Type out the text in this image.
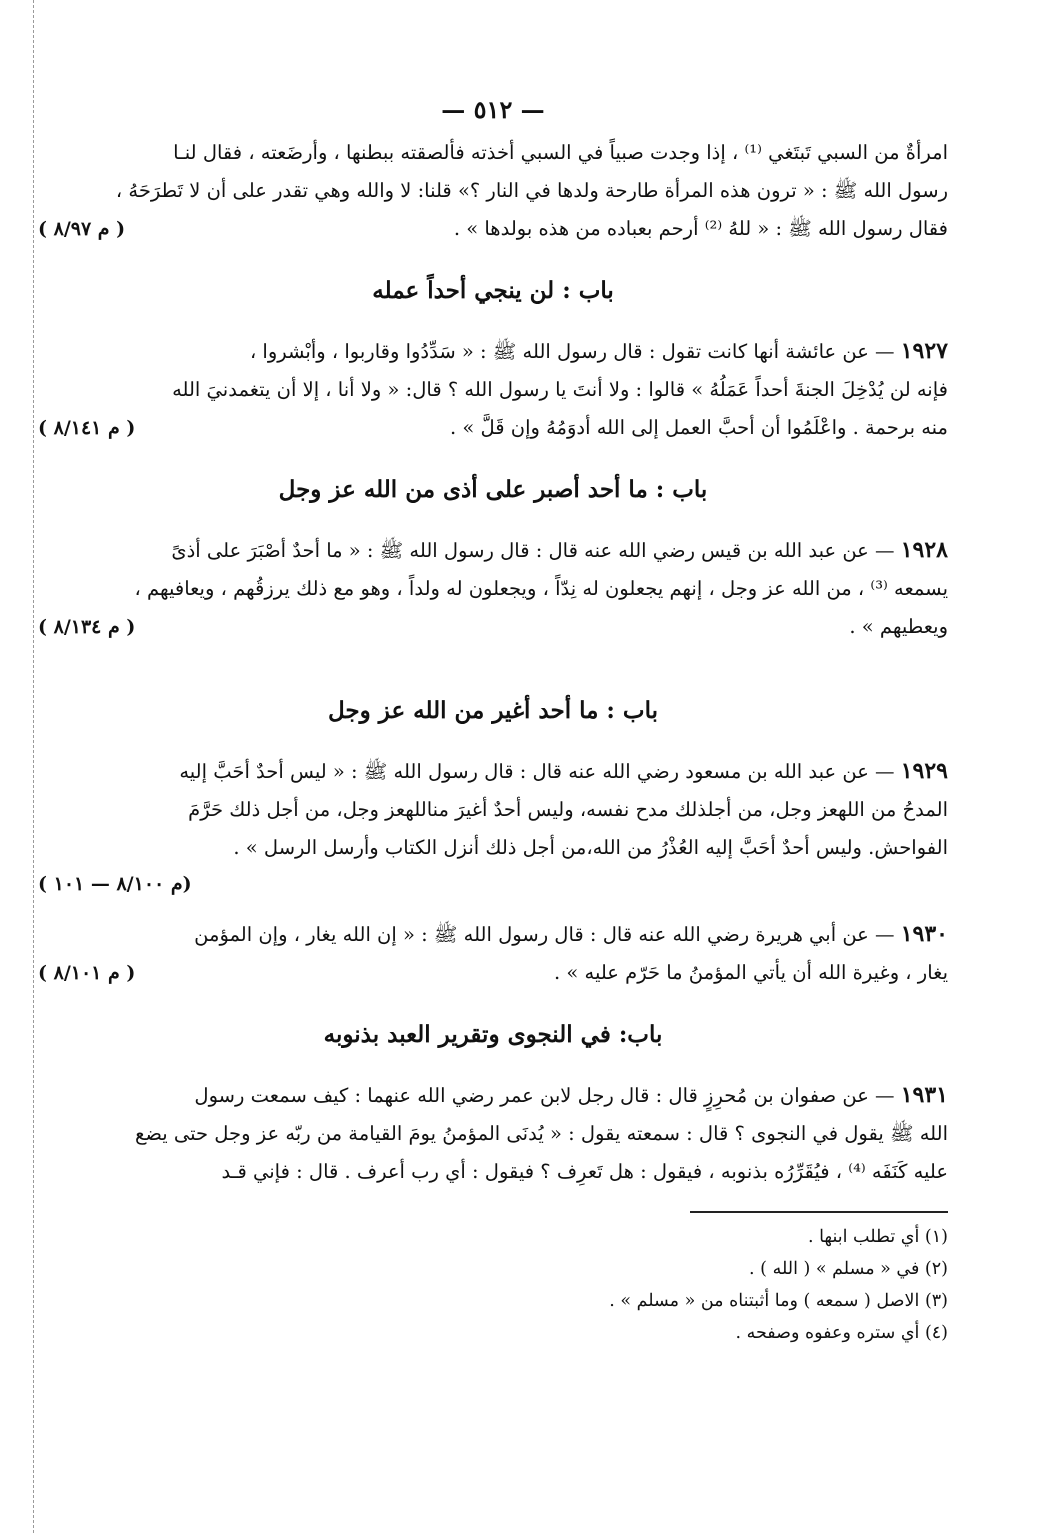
— ٥١٢ —

امرأةٌ من السبي تَبتَغي ⁽¹⁾ ، إذا وجدت صبياً في السبي أخذته فألصقته ببطنها ، وأرضَعته ، فقال لنـا

رسول الله ﷺ : « ترون هذه المرأة طارحة ولدها في النار ؟» قلنا: لا والله وهي تقدر على أن لا تَطرَحَهُ ،

فقال رسول الله ﷺ : « للهُ ⁽²⁾ أرحم بعباده من هذه بولدها » .
( م ٨/٩٧ )
باب : لن ينجي أحداً عمله

١٩٢٧ — عن عائشة أنها كانت تقول : قال رسول الله ﷺ : « سَدِّدُوا وقاربوا ، وأبْشروا ،

فإنه لن يُدْخِلَ الجنةَ أحداً عَمَلُهُ » قالوا : ولا أنتَ يا رسول الله ؟ قال: « ولا أنا ، إلا أن يتغمدنيَ الله

منه برحمة . واعْلَمُوا أن أحبَّ العمل إلى الله أدوَمُهُ وإن قَلَّ » .
( م ٨/١٤١ )
باب : ما أحد أصبر على أذى من الله عز وجل

١٩٢٨ — عن عبد الله بن قيس رضي الله عنه قال : قال رسول الله ﷺ : « ما أحدٌ أصْبَرَ على أذىً

يسمعه ⁽³⁾ ، من الله عز وجل ، إنهم يجعلون له نِدّاً ، ويجعلون له ولداً ، وهو مع ذلك يرزقُهم ، ويعافيهم ،

ويعطيهم » .
( م ٨/١٣٤ )
باب : ما أحد أغير من الله عز وجل

١٩٢٩ — عن عبد الله بن مسعود رضي الله عنه قال : قال رسول الله ﷺ : « ليس أحدٌ أحَبَّ إليه

المدحُ من اللهعز وجل، من أجلذلك مدح نفسه، وليس أحدٌ أغيرَ مناللهعز وجل، من أجل ذلك حَرَّمَ

الفواحش. وليس أحدٌ أحَبَّ إليه العُذْرُ من الله،من أجل ذلك أنزل الكتاب وأرسل الرسل » .

(م ٨/١٠٠ — ١٠١ )

١٩٣٠ — عن أبي هريرة رضي الله عنه قال : قال رسول الله ﷺ : « إن الله يغار ، وإن المؤمن

يغار ، وغيرة الله أن يأتي المؤمنُ ما حَرّم عليه » .
( م ٨/١٠١ )
باب: في النجوى وتقرير العبد بذنوبه

١٩٣١ — عن صفوان بن مُحرِزٍ قال : قال رجل لابن عمر رضي الله عنهما : كيف سمعت رسول

الله ﷺ يقول في النجوى ؟ قال : سمعته يقول : « يُدنَى المؤمنُ يومَ القيامة من ربّه عز وجل حتى يضع

عليه كَنَفَه ⁽⁴⁾ ، فيُقَرِّرُه بذنوبه ، فيقول : هل تَعرِف ؟ فيقول : أي رب أعرف . قال : فإني قـد

(١) أي تطلب ابنها .
(٢) في « مسلم » ( الله ) .
(٣) الاصل ( سمعه ) وما أثبتناه من « مسلم » .
(٤) أي ستره وعفوه وصفحه .
